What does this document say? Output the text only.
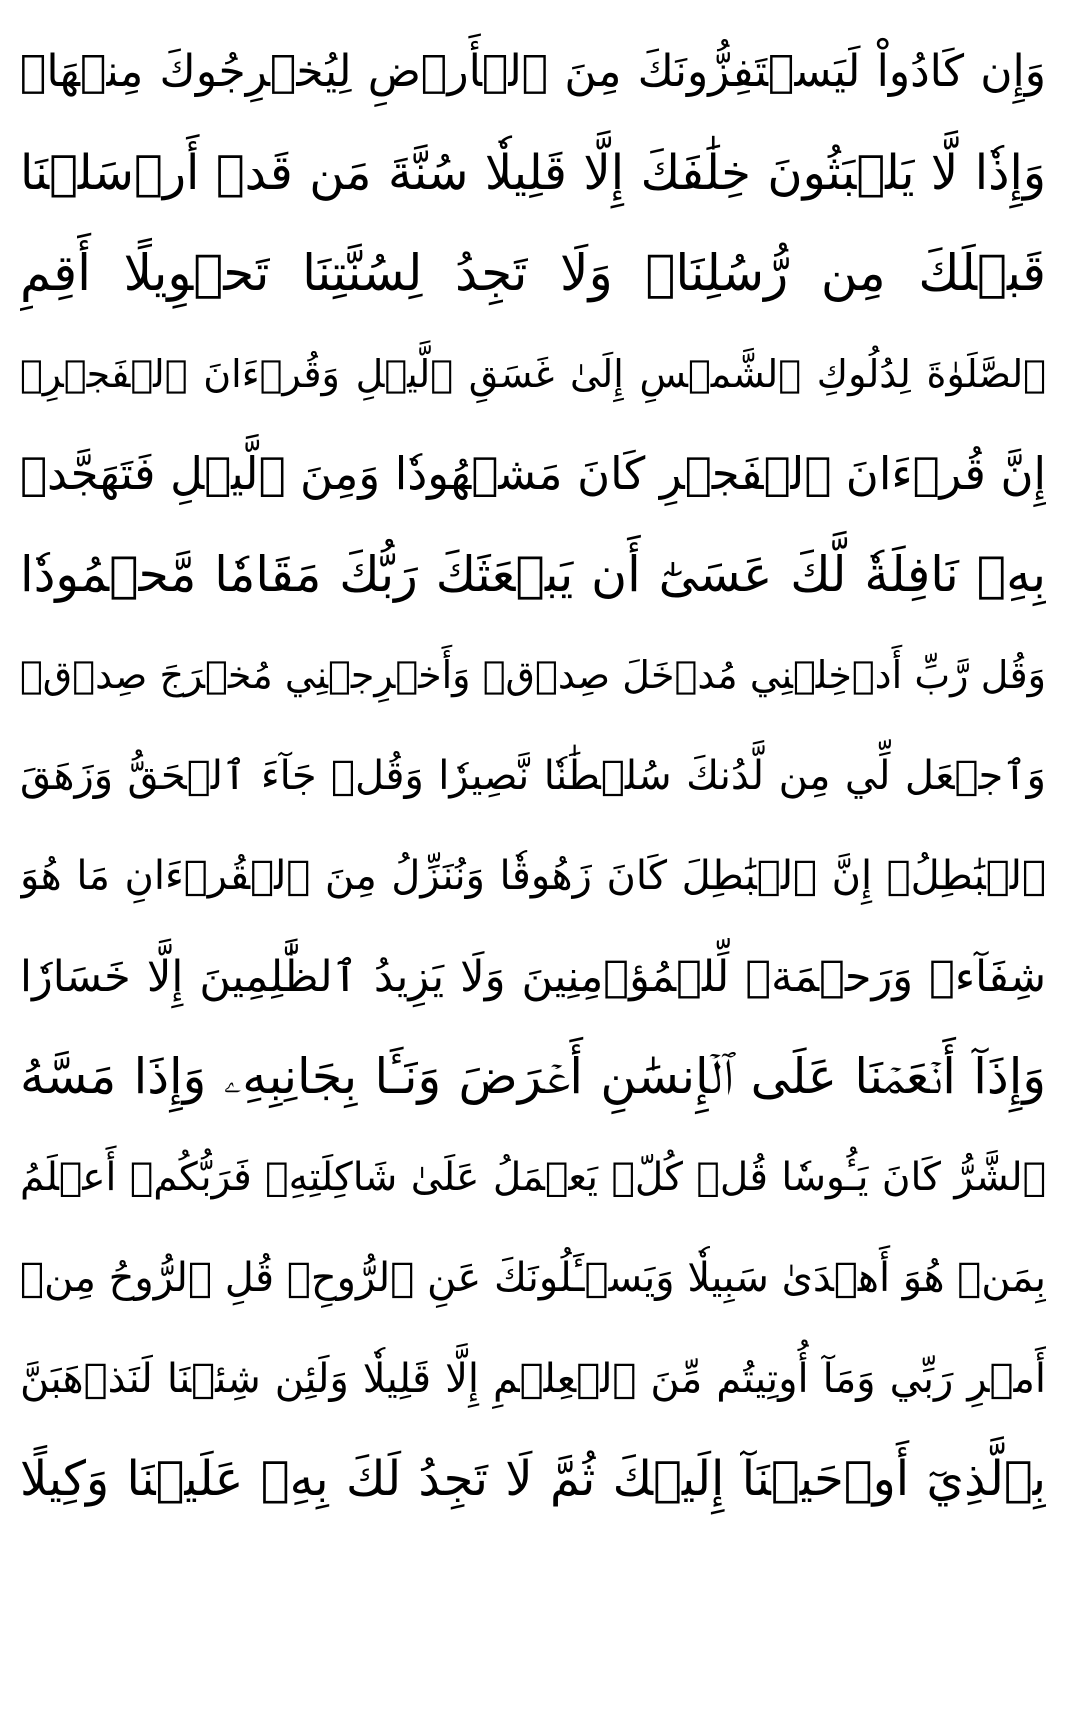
وَإِن كَادُواْ لَيَسۡتَفِزُّونَكَ مِنَ ٱلۡأَرۡضِ لِيُخۡرِجُوكَ مِنۡهَاۖ
وَإِذٗا لَّا يَلۡبَثُونَ خِلَٰفَكَ إِلَّا قَلِيلٗا سُنَّةَ مَن قَدۡ أَرۡسَلۡنَا
قَبۡلَكَ مِن رُّسُلِنَاۖ وَلَا تَجِدُ لِسُنَّتِنَا تَحۡوِيلًا أَقِمِ
ٱلصَّلَوٰةَ لِدُلُوكِ ٱلشَّمۡسِ إِلَىٰ غَسَقِ ٱلَّيۡلِ وَقُرۡءَانَ ٱلۡفَجۡرِۖ
إِنَّ قُرۡءَانَ ٱلۡفَجۡرِ كَانَ مَشۡهُودٗا وَمِنَ ٱلَّيۡلِ فَتَهَجَّدۡ
بِهِۦ نَافِلَةٗ لَّكَ عَسَىٰٓ أَن يَبۡعَثَكَ رَبُّكَ مَقَامٗا مَّحۡمُودٗا
وَقُل رَّبِّ أَدۡخِلۡنِي مُدۡخَلَ صِدۡقٖ وَأَخۡرِجۡنِي مُخۡرَجَ صِدۡقٖ
وَٱجۡعَل لِّي مِن لَّدُنكَ سُلۡطَٰنٗا نَّصِيرٗا وَقُلۡ جَآءَ ٱلۡحَقُّ وَزَهَقَ
ٱلۡبَٰطِلُۚ إِنَّ ٱلۡبَٰطِلَ كَانَ زَهُوقٗا وَنُنَزِّلُ مِنَ ٱلۡقُرۡءَانِ مَا هُوَ
شِفَآءٞ وَرَحۡمَةٞ لِّلۡمُؤۡمِنِينَ وَلَا يَزِيدُ ٱلظَّٰلِمِينَ إِلَّا خَسَارٗا
وَإِذَآ أَنۡعَمۡنَا عَلَى ٱلۡإِنسَٰنِ أَعۡرَضَ وَنَـَٔا بِجَانِبِهِۦ وَإِذَا مَسَّهُ
ٱلشَّرُّ كَانَ يَـُٔوسٗا قُلۡ كُلّٞ يَعۡمَلُ عَلَىٰ شَاكِلَتِهِۦ فَرَبُّكُمۡ أَعۡلَمُ
بِمَنۡ هُوَ أَهۡدَىٰ سَبِيلٗا وَيَسۡـَٔلُونَكَ عَنِ ٱلرُّوحِۖ قُلِ ٱلرُّوحُ مِنۡ
أَمۡرِ رَبِّي وَمَآ أُوتِيتُم مِّنَ ٱلۡعِلۡمِ إِلَّا قَلِيلٗا وَلَئِن شِئۡنَا لَنَذۡهَبَنَّ
بِٱلَّذِيٓ أَوۡحَيۡنَآ إِلَيۡكَ ثُمَّ لَا تَجِدُ لَكَ بِهِۦ عَلَيۡنَا وَكِيلًا
